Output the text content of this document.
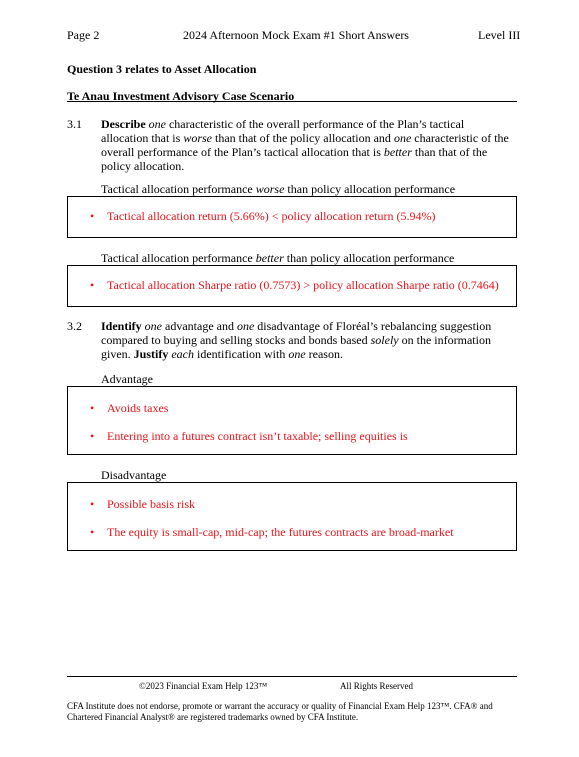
Page 2	2024 Afternoon Mock Exam #1 Short Answers	Level III
Question 3 relates to Asset Allocation
Te Anau Investment Advisory Case Scenario
3.1 Describe one characteristic of the overall performance of the Plan’s tactical allocation that is worse than that of the policy allocation and one characteristic of the overall performance of the Plan’s tactical allocation that is better than that of the policy allocation.
Tactical allocation performance worse than policy allocation performance
• Tactical allocation return (5.66%) < policy allocation return (5.94%)
Tactical allocation performance better than policy allocation performance
• Tactical allocation Sharpe ratio (0.7573) > policy allocation Sharpe ratio (0.7464)
3.2 Identify one advantage and one disadvantage of Floréal’s rebalancing suggestion compared to buying and selling stocks and bonds based solely on the information given. Justify each identification with one reason.
Advantage
• Avoids taxes
• Entering into a futures contract isn’t taxable; selling equities is
Disadvantage
• Possible basis risk
• The equity is small-cap, mid-cap; the futures contracts are broad-market
©2023 Financial Exam Help 123™	All Rights Reserved
CFA Institute does not endorse, promote or warrant the accuracy or quality of Financial Exam Help 123™. CFA® and Chartered Financial Analyst® are registered trademarks owned by CFA Institute.
